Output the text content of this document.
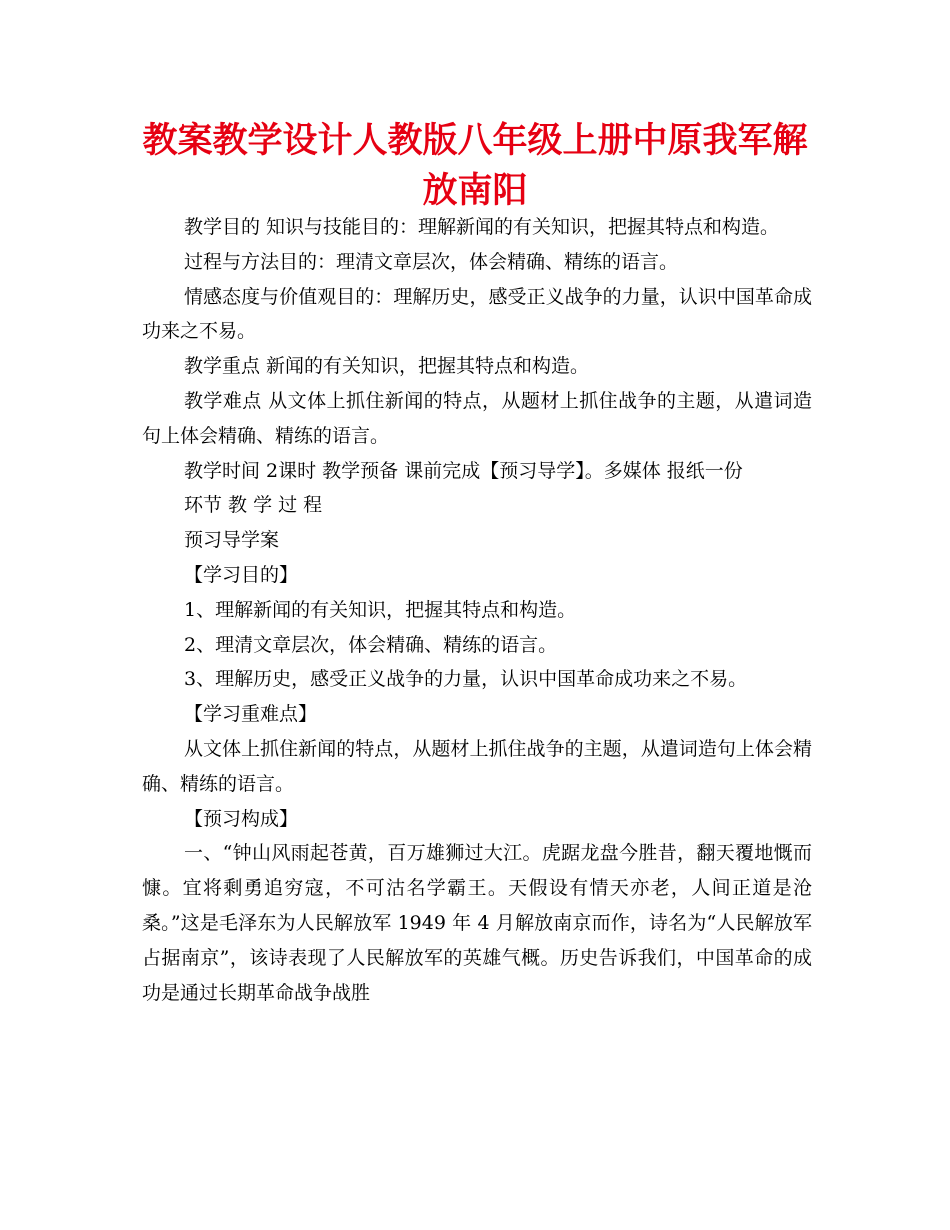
教案教学设计人教版八年级上册中原我军解放南阳

教学目的 知识与技能目的：理解新闻的有关知识，把握其特点和构造。

过程与方法目的：理清文章层次，体会精确、精练的语言。

情感态度与价值观目的：理解历史，感受正义战争的力量，认识中国革命成功来之不易。

教学重点 新闻的有关知识，把握其特点和构造。

教学难点 从文体上抓住新闻的特点，从题材上抓住战争的主题，从遣词造句上体会精确、精练的语言。

教学时间 2课时 教学预备 课前完成【预习导学】。多媒体 报纸一份

环节 教 学 过 程

预习导学案

【学习目的】

1、理解新闻的有关知识，把握其特点和构造。

2、理清文章层次，体会精确、精练的语言。

3、理解历史，感受正义战争的力量，认识中国革命成功来之不易。

【学习重难点】

从文体上抓住新闻的特点，从题材上抓住战争的主题，从遣词造句上体会精确、精练的语言。

【预习构成】

一、“钟山风雨起苍黄，百万雄狮过大江。虎踞龙盘今胜昔，翻天覆地慨而慷。宜将剩勇追穷寇，不可沽名学霸王。天假设有情天亦老，人间正道是沧桑。”这是毛泽东为人民解放军 1949 年 4 月解放南京而作，诗名为“人民解放军占据南京”，该诗表现了人民解放军的英雄气概。历史告诉我们，中国革命的成功是通过长期革命战争战胜
